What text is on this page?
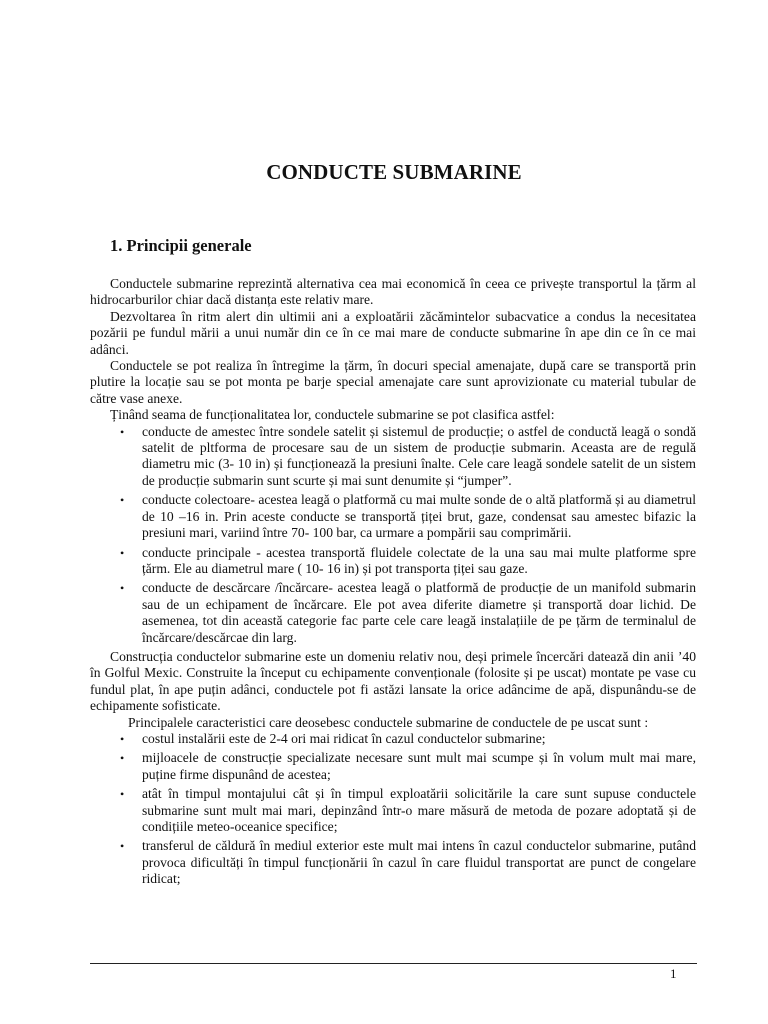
CONDUCTE SUBMARINE
1. Principii generale

Conductele submarine reprezintă alternativa cea mai economică în ceea ce privește transportul la țărm al hidrocarburilor chiar dacă distanța este relativ mare.

Dezvoltarea în ritm alert din ultimii ani a exploatării zăcămintelor subacvatice a condus la necesitatea pozării pe fundul mării a unui număr din ce în ce mai mare de conducte submarine în ape din ce în ce mai adânci.

Conductele se pot realiza în întregime la țărm, în docuri special amenajate, după care se transportă prin plutire la locație sau se pot monta pe barje special amenajate care sunt aprovizionate cu material tubular de către vase anexe.

Ținând seama de funcționalitatea lor, conductele submarine se pot clasifica astfel:

• conducte de amestec între sondele satelit și sistemul de producție; o astfel de conductă leagă o sondă satelit de pltforma de procesare sau de un sistem de producție submarin. Aceasta are de regulă diametru mic (3- 10 in) și funcționează la presiuni înalte. Cele care leagă sondele satelit de un sistem de producție submarin sunt scurte și mai sunt denumite și “jumper”.
• conducte colectoare- acestea leagă o platformă cu mai multe sonde de o altă platformă și au diametrul de 10 –16 in. Prin aceste conducte se transportă țiței brut, gaze, condensat sau amestec bifazic la presiuni mari, variind între 70- 100 bar, ca urmare a pompării sau comprimării.
• conducte principale - acestea transportă fluidele colectate de la una sau mai multe platforme spre țărm. Ele au diametrul mare ( 10- 16 in) și pot transporta țiței sau gaze.
• conducte de descărcare /încărcare- acestea leagă o platformă de producție de un manifold submarin sau de un echipament de încărcare. Ele pot avea diferite diametre și transportă doar lichid. De asemenea, tot din această categorie fac parte cele care leagă instalațiile de pe țărm de terminalul de încărcare/descărcae din larg.

Construcția conductelor submarine este un domeniu relativ nou, deși primele încercări datează din anii ’40 în Golful Mexic. Construite la început cu echipamente convenționale (folosite și pe uscat) montate pe vase cu fundul plat, în ape puțin adânci, conductele pot fi astăzi lansate la orice adâncime de apă, dispunându-se de echipamente sofisticate.

Principalele caracteristici care deosebesc conductele submarine de conductele de pe uscat sunt :

• costul instalării este de 2-4 ori mai ridicat în cazul conductelor submarine;
• mijloacele de construcție specializate necesare sunt mult mai scumpe și în volum mult mai mare, puține firme dispunând de acestea;
• atât în timpul montajului cât și în timpul exploatării solicitările la care sunt supuse conductele submarine sunt mult mai mari, depinzând într-o mare măsură de metoda de pozare adoptată și de condițiile meteo-oceanice specifice;
• transferul de căldură în mediul exterior este mult mai intens în cazul conductelor submarine, putând provoca dificultăți în timpul funcționării în cazul în care fluidul transportat are punct de congelare ridicat;
1
